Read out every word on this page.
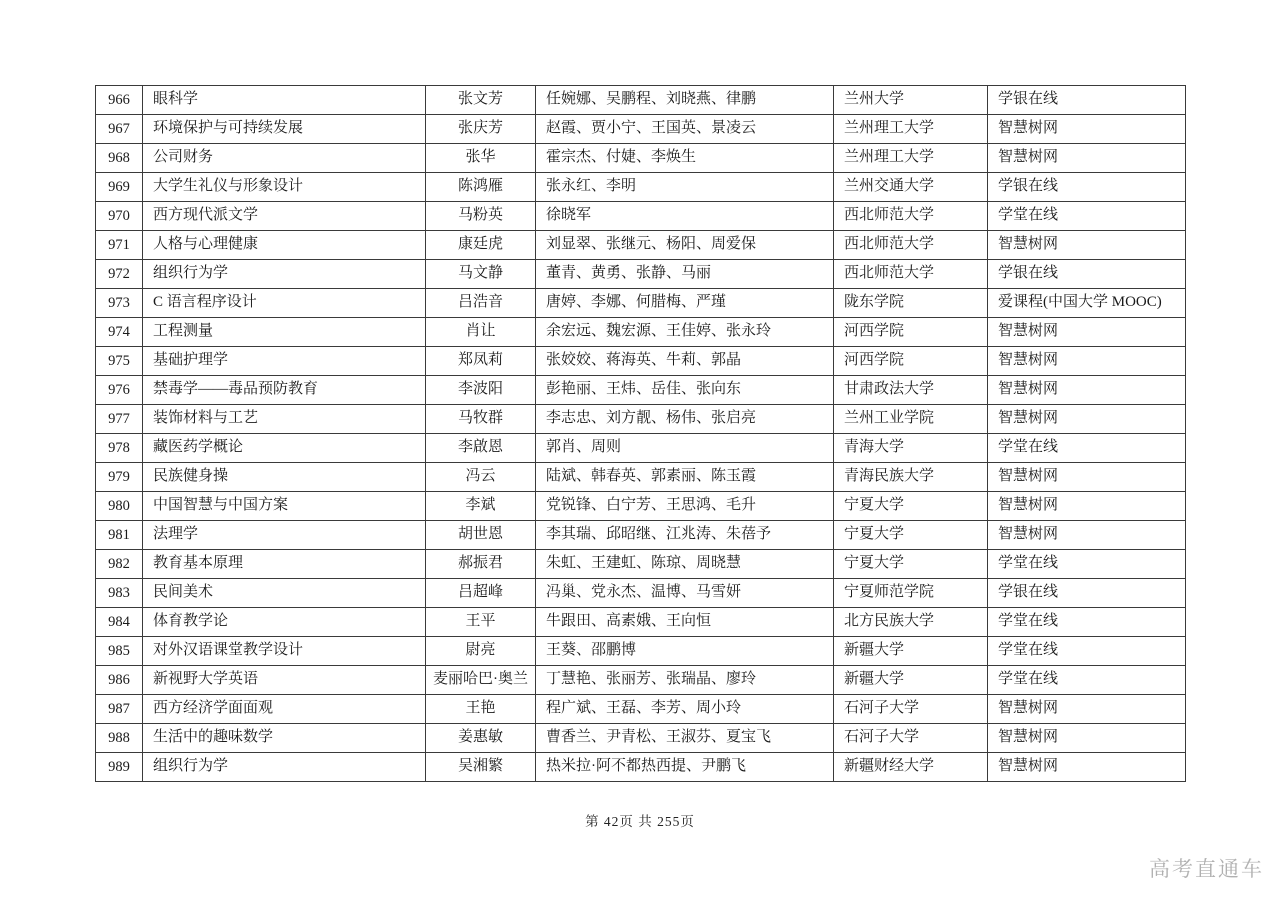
966	眼科学	张文芳	任婉娜、吴鹏程、刘晓燕、律鹏	兰州大学	学银在线
967	环境保护与可持续发展	张庆芳	赵霞、贾小宁、王国英、景凌云	兰州理工大学	智慧树网
968	公司财务	张华	霍宗杰、付婕、李焕生	兰州理工大学	智慧树网
969	大学生礼仪与形象设计	陈鸿雁	张永红、李明	兰州交通大学	学银在线
970	西方现代派文学	马粉英	徐晓军	西北师范大学	学堂在线
971	人格与心理健康	康廷虎	刘显翠、张继元、杨阳、周爱保	西北师范大学	智慧树网
972	组织行为学	马文静	董青、黄勇、张静、马丽	西北师范大学	学银在线
973	C 语言程序设计	吕浩音	唐婷、李娜、何腊梅、严瑾	陇东学院	爱课程(中国大学 MOOC)
974	工程测量	肖让	余宏远、魏宏源、王佳婷、张永玲	河西学院	智慧树网
975	基础护理学	郑凤莉	张姣姣、蒋海英、牛莉、郭晶	河西学院	智慧树网
976	禁毒学——毒品预防教育	李波阳	彭艳丽、王炜、岳佳、张向东	甘肃政法大学	智慧树网
977	装饰材料与工艺	马牧群	李志忠、刘方靓、杨伟、张启亮	兰州工业学院	智慧树网
978	藏医药学概论	李啟恩	郭肖、周则	青海大学	学堂在线
979	民族健身操	冯云	陆斌、韩春英、郭素丽、陈玉霞	青海民族大学	智慧树网
980	中国智慧与中国方案	李斌	党锐锋、白宁芳、王思鸿、毛升	宁夏大学	智慧树网
981	法理学	胡世恩	李其瑞、邱昭继、江兆涛、朱蓓予	宁夏大学	智慧树网
982	教育基本原理	郝振君	朱虹、王建虹、陈琼、周晓慧	宁夏大学	学堂在线
983	民间美术	吕超峰	冯巢、党永杰、温博、马雪妍	宁夏师范学院	学银在线
984	体育教学论	王平	牛跟田、高素娥、王向恒	北方民族大学	学堂在线
985	对外汉语课堂教学设计	尉亮	王葵、邵鹏博	新疆大学	学堂在线
986	新视野大学英语	麦丽哈巴·奥兰	丁慧艳、张丽芳、张瑞晶、廖玲	新疆大学	学堂在线
987	西方经济学面面观	王艳	程广斌、王磊、李芳、周小玲	石河子大学	智慧树网
988	生活中的趣味数学	姜惠敏	曹香兰、尹青松、王淑芬、夏宝飞	石河子大学	智慧树网
989	组织行为学	吴湘繁	热米拉·阿不都热西提、尹鹏飞	新疆财经大学	智慧树网
第 42页 共 255页
高考直通车
